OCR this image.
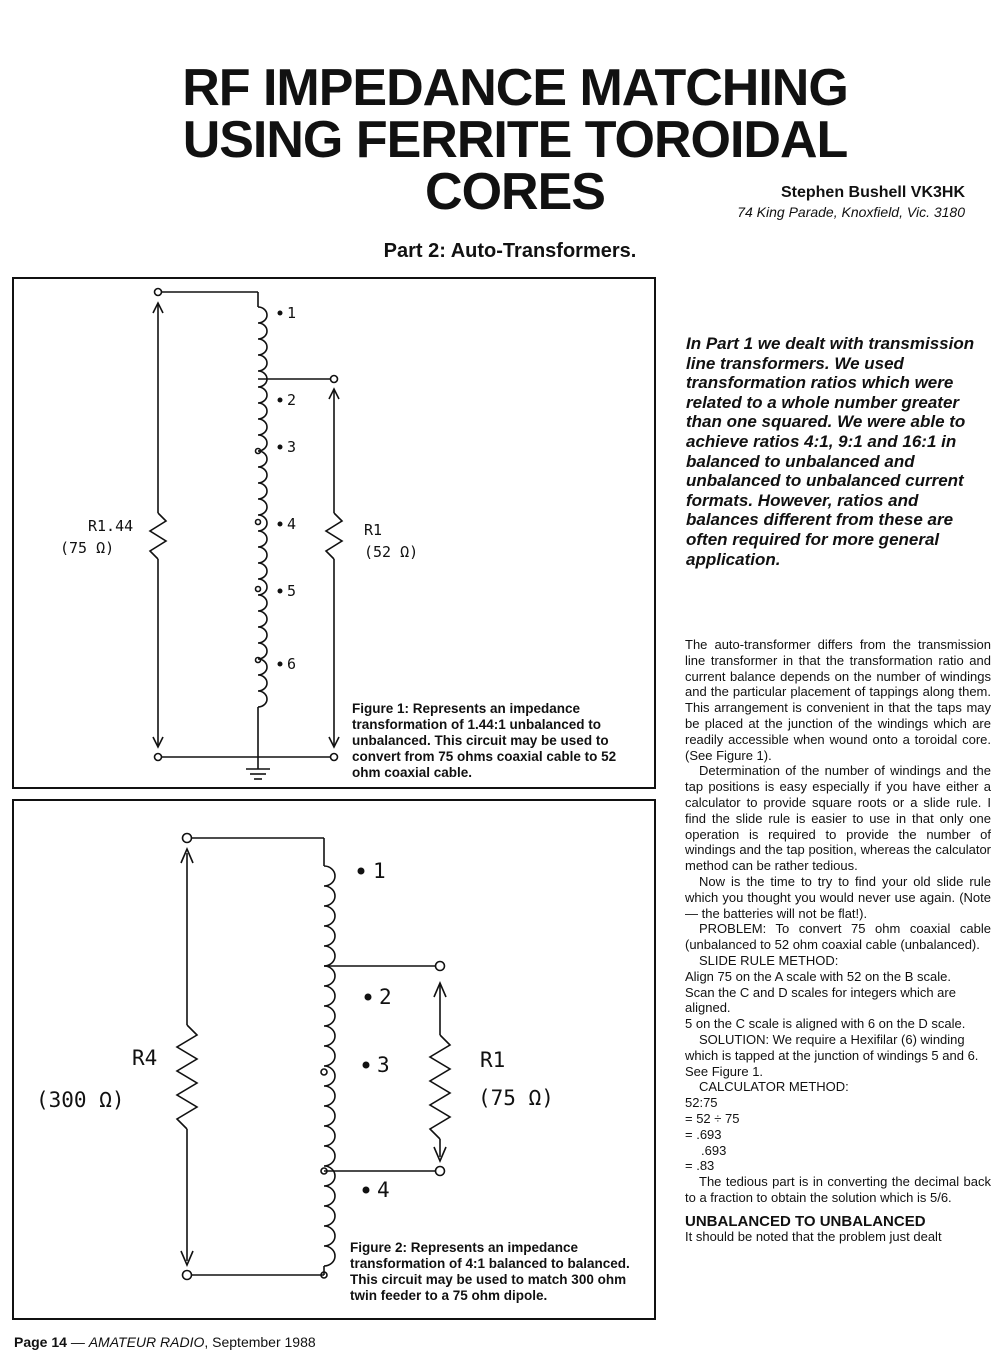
RF IMPEDANCE MATCHING
USING FERRITE TOROIDAL
CORES	Stephen Bushell VK3HK
74 King Parade, Knoxfield, Vic. 3180
Part 2: Auto-Transformers.
1
2
3
4
5
6
R1.44
(75 Ω)
R1
(52 Ω)
Figure 1: Represents an impedance transformation of 1.44:1 unbalanced to unbalanced. This circuit may be used to convert from 75 ohms coaxial cable to 52 ohm coaxial cable.
1
2
3
4
R4
(300 Ω)
R1
(75 Ω)
Figure 2: Represents an impedance transformation of 4:1 balanced to balanced. This circuit may be used to match 300 ohm twin feeder to a 75 ohm dipole.
In Part 1 we dealt with transmission line transformers. We used transformation ratios which were related to a whole number greater than one squared. We were able to achieve ratios 4:1, 9:1 and 16:1 in balanced to unbalanced and unbalanced to unbalanced current formats. However, ratios and balances different from these are often required for more general application.

The auto-transformer differs from the transmission line transformer in that the transformation ratio and current balance depends on the number of windings and the particular placement of tappings along them. This arrangement is convenient in that the taps may be placed at the junction of the windings which are readily accessible when wound onto a toroidal core. (See Figure 1).

Determination of the number of windings and the tap positions is easy especially if you have either a calculator to provide square roots or a slide rule. I find the slide rule is easier to use in that only one operation is required to provide the number of windings and the tap position, whereas the calculator method can be rather tedious.

Now is the time to try to find your old slide rule which you thought you would never use again. (Note — the batteries will not be flat!).

PROBLEM: To convert 75 ohm coaxial cable (unbalanced to 52 ohm coaxial cable (unbalanced).

SLIDE RULE METHOD:

Align 75 on the A scale with 52 on the B scale.

Scan the C and D scales for integers which are aligned.

5 on the C scale is aligned with 6 on the D scale.

SOLUTION: We require a Hexifilar (6) winding which is tapped at the junction of windings 5 and 6. See Figure 1.

CALCULATOR METHOD:

52:75

= 52 ÷ 75

= .693

.693

= .83

The tedious part is in converting the decimal back to a fraction to obtain the solution which is 5/6.

UNBALANCED TO UNBALANCED

It should be noted that the problem just dealt

Page 14 — AMATEUR RADIO, September 1988
